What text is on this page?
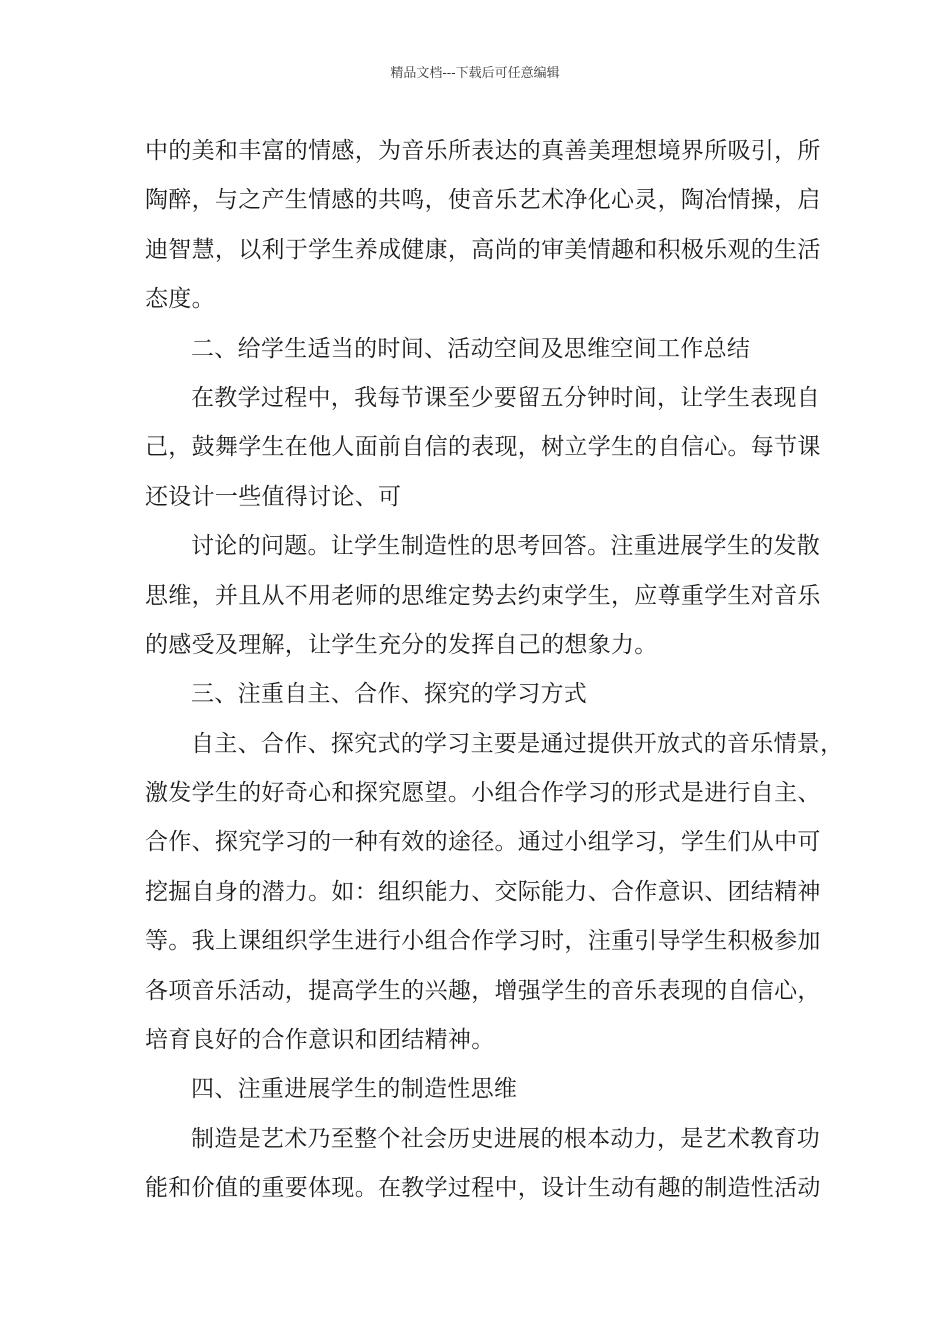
精品文档---下载后可任意编辑
中的美和丰富的情感，为音乐所表达的真善美理想境界所吸引，所
陶醉，与之产生情感的共鸣，使音乐艺术净化心灵，陶冶情操，启
迪智慧，以利于学生养成健康，高尚的审美情趣和积极乐观的生活
态度。
二、给学生适当的时间、活动空间及思维空间工作总结
在教学过程中，我每节课至少要留五分钟时间，让学生表现自
己，鼓舞学生在他人面前自信的表现，树立学生的自信心。每节课
还设计一些值得讨论、可
讨论的问题。让学生制造性的思考回答。注重进展学生的发散
思维，并且从不用老师的思维定势去约束学生，应尊重学生对音乐
的感受及理解，让学生充分的发挥自己的想象力。
三、注重自主、合作、探究的学习方式
自主、合作、探究式的学习主要是通过提供开放式的音乐情景，
激发学生的好奇心和探究愿望。小组合作学习的形式是进行自主、
合作、探究学习的一种有效的途径。通过小组学习，学生们从中可
挖掘自身的潜力。如：组织能力、交际能力、合作意识、团结精神
等。我上课组织学生进行小组合作学习时，注重引导学生积极参加
各项音乐活动，提高学生的兴趣，增强学生的音乐表现的自信心，
培育良好的合作意识和团结精神。
四、注重进展学生的制造性思维
制造是艺术乃至整个社会历史进展的根本动力，是艺术教育功
能和价值的重要体现。在教学过程中，设计生动有趣的制造性活动
